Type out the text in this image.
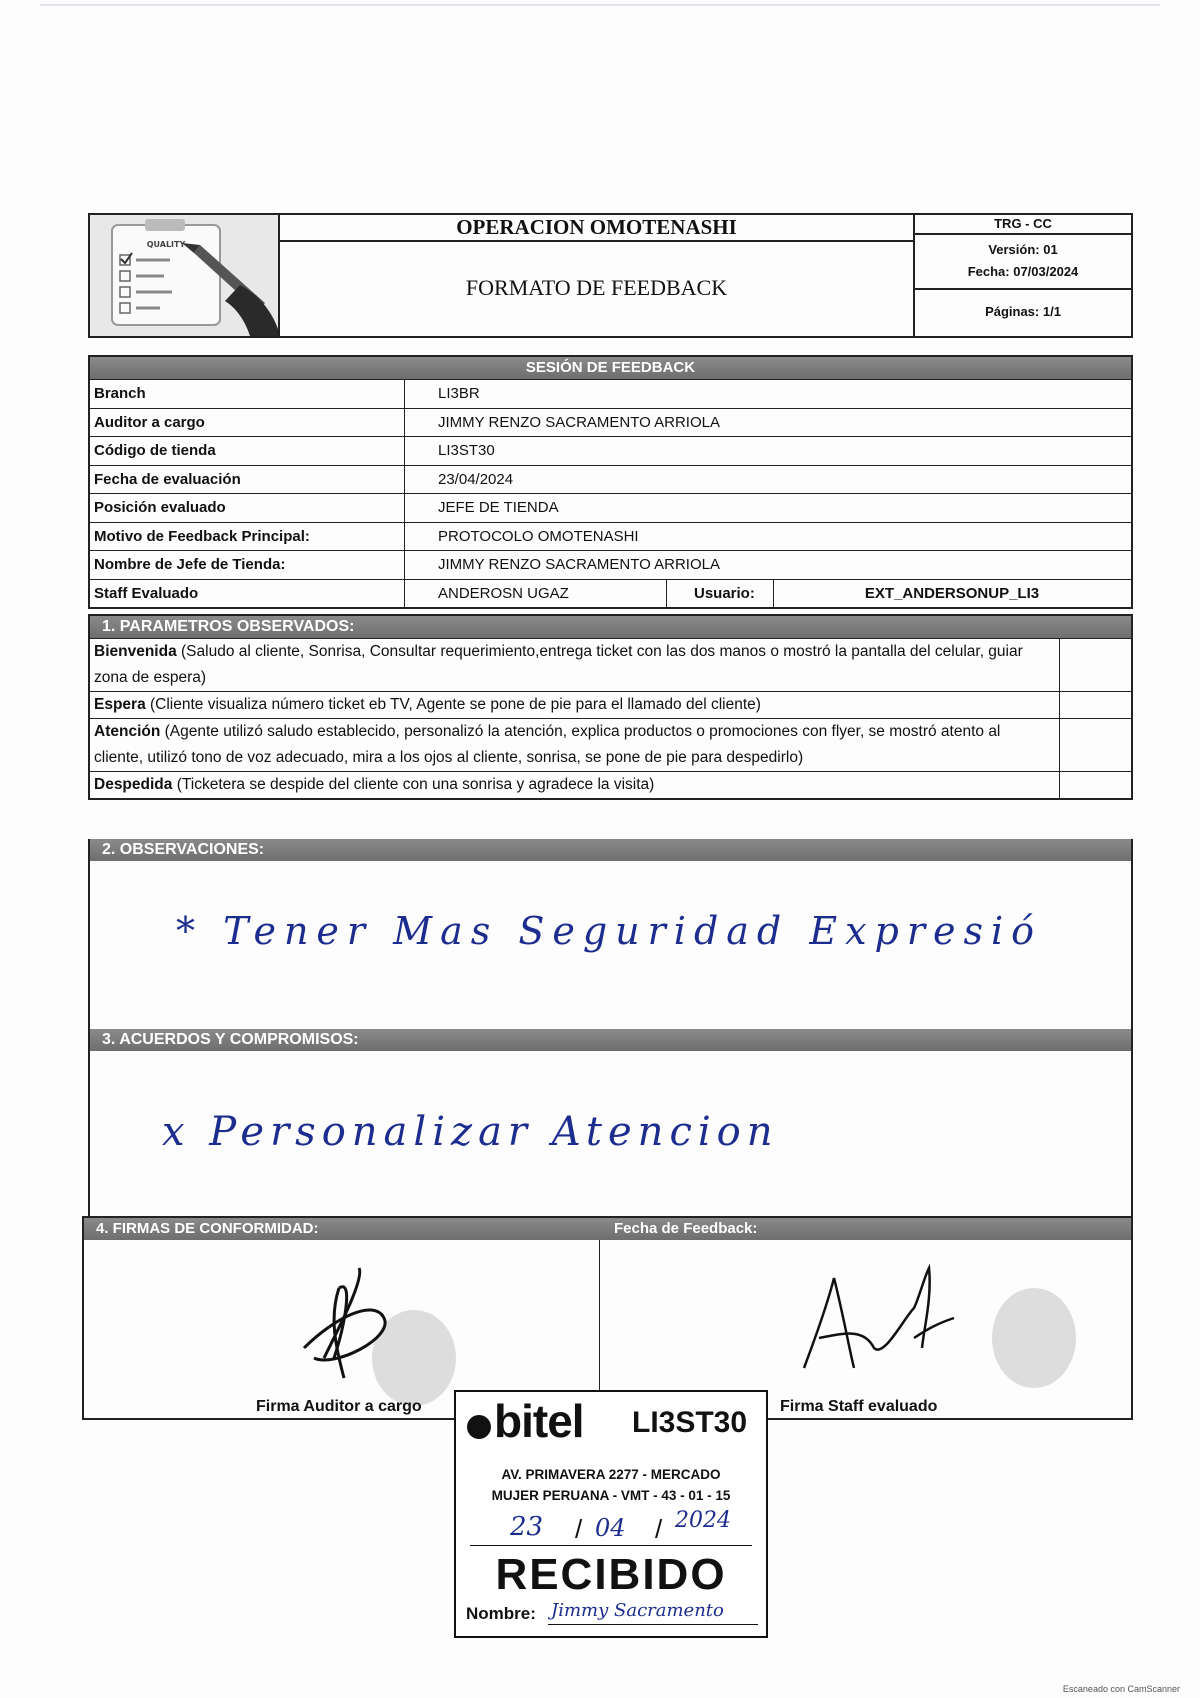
QUALITY
OPERACION OMOTENASHI
FORMATO DE FEEDBACK
TRG - CC
Versión: 01
Fecha: 07/03/2024
Páginas: 1/1
SESIÓN DE FEEDBACK
Branch	LI3BR
Auditor a cargo	JIMMY RENZO SACRAMENTO ARRIOLA
Código de tienda	LI3ST30
Fecha de evaluación	23/04/2024
Posición evaluado	JEFE DE TIENDA
Motivo de Feedback Principal:	PROTOCOLO OMOTENASHI
Nombre de Jefe de Tienda:	JIMMY RENZO SACRAMENTO ARRIOLA
Staff Evaluado	ANDEROSN UGAZ	Usuario:	EXT_ANDERSONUP_LI3
1. PARAMETROS OBSERVADOS:
Bienvenida (Saludo al cliente, Sonrisa, Consultar requerimiento,entrega ticket con las dos manos o mostró la pantalla del celular, guiar zona de espera)
Espera (Cliente visualiza número ticket eb TV, Agente se pone de pie para el llamado del cliente)
Atención (Agente utilizó saludo establecido, personalizó la atención, explica productos o promociones con flyer, se mostró atento al cliente, utilizó tono de voz adecuado, mira a los ojos al cliente, sonrisa, se pone de pie para despedirlo)
Despedida (Ticketera se despide del cliente con una sonrisa y agradece la visita)
2. OBSERVACIONES:
* Tener Mas Seguridad Expresió
3. ACUERDOS Y COMPROMISOS:
x Personalizar Atencion
4. FIRMAS DE CONFORMIDAD:	Fecha de Feedback:
Firma Auditor a cargo	Firma Staff evaluado
bitel LI3ST30
AV. PRIMAVERA 2277 - MERCADO
MUJER PERUANA - VMT - 43 - 01 - 15
23 / 04 / 2024
RECIBIDO
Nombre: Jimmy Sacramento
Escaneado con CamScanner
